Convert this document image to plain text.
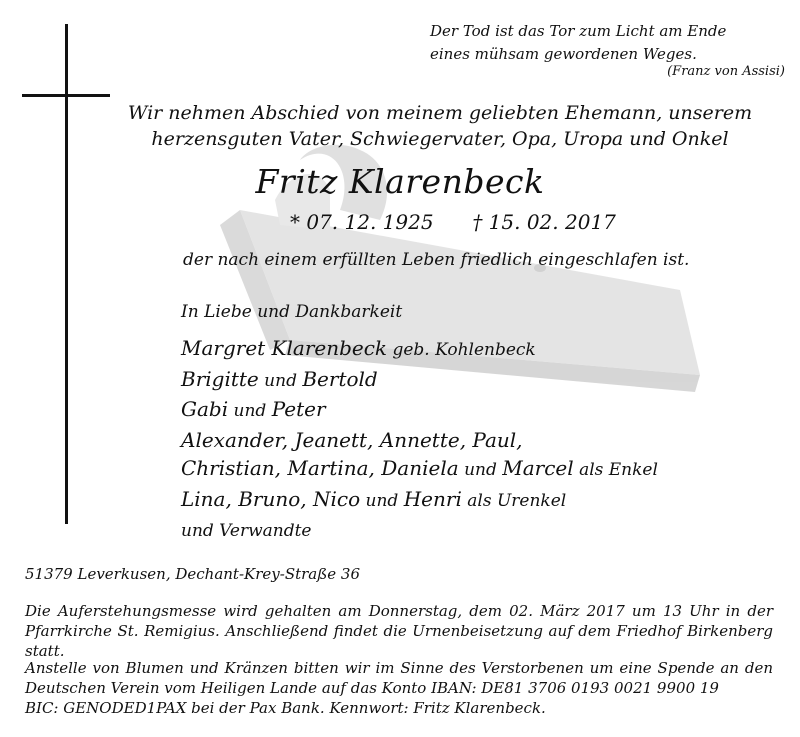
Der Tod ist das Tor zum Licht am Ende
eines mühsam gewordenen Weges.
(Franz von Assisi)
Wir nehmen Abschied von meinem geliebten Ehemann, unserem
herzensguten Vater, Schwiegervater, Opa, Uropa und Onkel
Fritz Klarenbeck
* 07. 12. 1925 † 15. 02. 2017
der nach einem erfüllten Leben friedlich eingeschlafen ist.
In Liebe und Dankbarkeit
Margret Klarenbeck geb. Kohlenbeck
Brigitte und Bertold
Gabi und Peter
Alexander, Jeanett, Annette, Paul,
Christian, Martina, Daniela und Marcel als Enkel
Lina, Bruno, Nico und Henri als Urenkel
und Verwandte
51379 Leverkusen, Dechant-Krey-Straße 36
Die Auferstehungsmesse wird gehalten am Donnerstag, dem 02. März 2017 um 13 Uhr in der
Pfarrkirche St. Remigius. Anschließend findet die Urnenbeisetzung auf dem Friedhof Birkenberg statt.
Anstelle von Blumen und Kränzen bitten wir im Sinne des Verstorbenen um eine Spende an den
Deutschen Verein vom Heiligen Lande auf das Konto IBAN: DE81 3706 0193 0021 9900 19
BIC: GENODED1PAX bei der Pax Bank. Kennwort: Fritz Klarenbeck.
